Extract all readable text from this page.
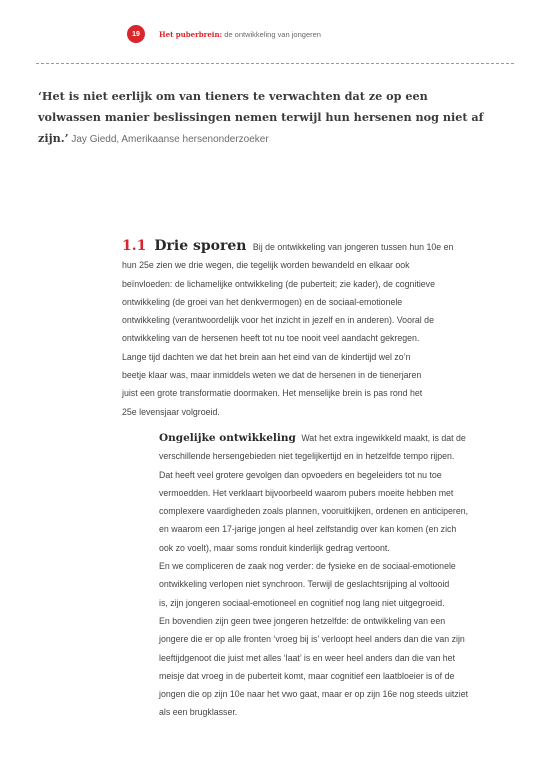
19	Het puberbrein: de ontwikkeling van jongeren
‘Het is niet eerlijk om van tieners te verwachten dat ze op een
volwassen manier beslissingen nemen terwijl hun hersenen nog niet af
zijn.’ Jay Giedd, Amerikaanse hersenonderzoeker
1.1 Drie sporen Bij de ontwikkeling van jongeren tussen hun 10e en
hun 25e zien we drie wegen, die tegelijk worden bewandeld en elkaar ook
beïnvloeden: de lichamelijke ontwikkeling (de puberteit; zie kader), de cognitieve
ontwikkeling (de groei van het denkvermogen) en de sociaal-emotionele
ontwikkeling (verantwoordelijk voor het inzicht in jezelf en in anderen). Vooral de
ontwikkeling van de hersenen heeft tot nu toe nooit veel aandacht gekregen.
Lange tijd dachten we dat het brein aan het eind van de kindertijd wel zo’n
beetje klaar was, maar inmiddels weten we dat de hersenen in de tienerjaren
juist een grote transformatie doormaken. Het menselijke brein is pas rond het
25e levensjaar volgroeid.
Ongelijke ontwikkeling Wat het extra ingewikkeld maakt, is dat de
verschillende hersengebieden niet tegelijkertijd en in hetzelfde tempo rijpen.
Dat heeft veel grotere gevolgen dan opvoeders en begeleiders tot nu toe
vermoedden. Het verklaart bijvoorbeeld waarom pubers moeite hebben met
complexere vaardigheden zoals plannen, vooruitkijken, ordenen en anticiperen,
en waarom een 17-jarige jongen al heel zelfstandig over kan komen (en zich
ook zo voelt), maar soms ronduit kinderlijk gedrag vertoont.
En we compliceren de zaak nog verder: de fysieke en de sociaal-emotionele
ontwikkeling verlopen niet synchroon. Terwijl de geslachtsrijping al voltooid
is, zijn jongeren sociaal-emotioneel en cognitief nog lang niet uitgegroeid.
En bovendien zijn geen twee jongeren hetzelfde: de ontwikkeling van een
jongere die er op alle fronten ‘vroeg bij is’ verloopt heel anders dan die van zijn
leeftijdgenoot die juist met alles ‘laat’ is en weer heel anders dan die van het
meisje dat vroeg in de puberteit komt, maar cognitief een laatbloeier is of de
jongen die op zijn 10e naar het vwo gaat, maar er op zijn 16e nog steeds uitziet
als een brugklasser.
